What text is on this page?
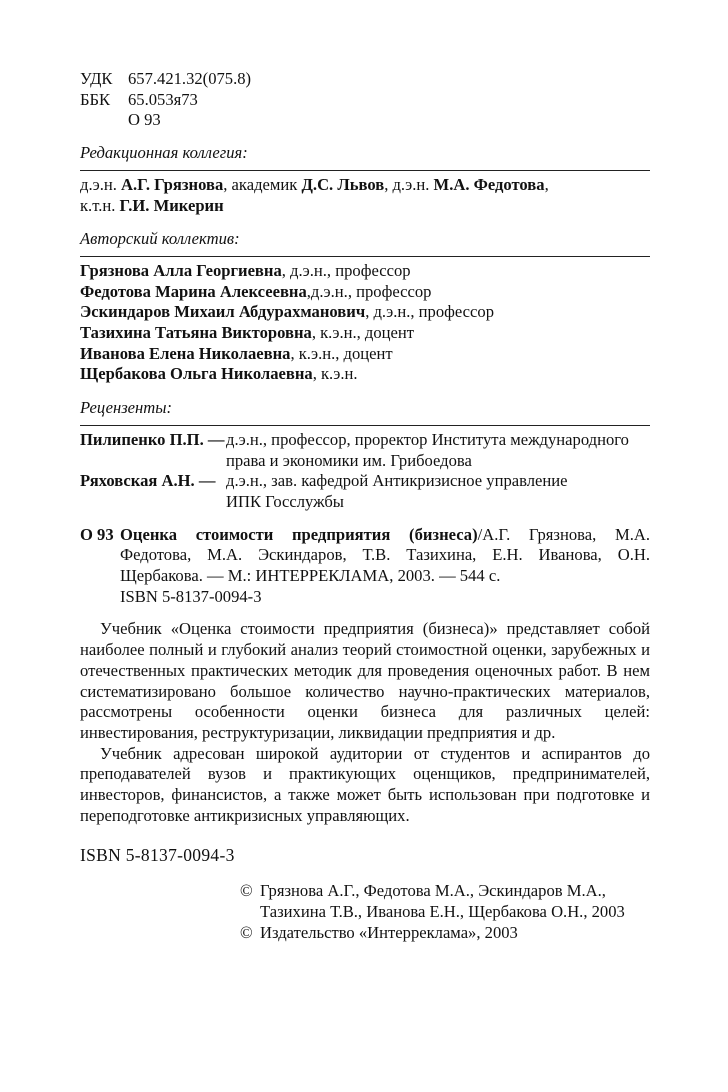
УДК 657.421.32(075.8)
ББК	65.053я73
О 93
Редакционная коллегия:
д.э.н. А.Г. Грязнова, академик Д.С. Львов, д.э.н. М.А. Федотова,
к.т.н. Г.И. Микерин
Авторский коллектив:
Грязнова Алла Георгиевна, д.э.н., профессор
Федотова Марина Алексеевна,д.э.н., профессор
Эскиндаров Михаил Абдурахманович, д.э.н., профессор
Тазихина Татьяна Викторовна, к.э.н., доцент
Иванова Елена Николаевна, к.э.н., доцент
Щербакова Ольга Николаевна, к.э.н.
Рецензенты:
Пилипенко П.П. — д.э.н., профессор, проректор Института международного
права и экономики им. Грибоедова
Ряховская А.Н. — д.э.н., зав. кафедрой Антикризисное управление
ИПК Госслужбы
О 93 Оценка стоимости предприятия (бизнеса)/А.Г. Грязнова, М.А. Федотова, М.А. Эскиндаров, Т.В. Тазихина, Е.Н. Иванова, О.Н. Щербакова. — М.: ИНТЕРРЕКЛАМА, 2003. — 544 с.
ISBN 5-8137-0094-3

Учебник «Оценка стоимости предприятия (бизнеса)» представляет собой наиболее полный и глубокий анализ теорий стоимостной оценки, зарубежных и отечественных практических методик для проведения оценочных работ. В нем систематизировано большое количество научно-практических материалов, рассмотрены особенности оценки бизнеса для различных целей: инвестирования, реструктуризации, ликвидации предприятия и др.

Учебник адресован широкой аудитории от студентов и аспирантов до преподавателей вузов и практикующих оценщиков, предпринимателей, инвесторов, финансистов, а также может быть использован при подготовке и переподготовке антикризисных управляющих.

ISBN 5-8137-0094-3
© Грязнова А.Г., Федотова М.А., Эскиндаров М.А.,
Тазихина Т.В., Иванова Е.Н., Щербакова О.Н., 2003
© Издательство «Интерреклама», 2003
